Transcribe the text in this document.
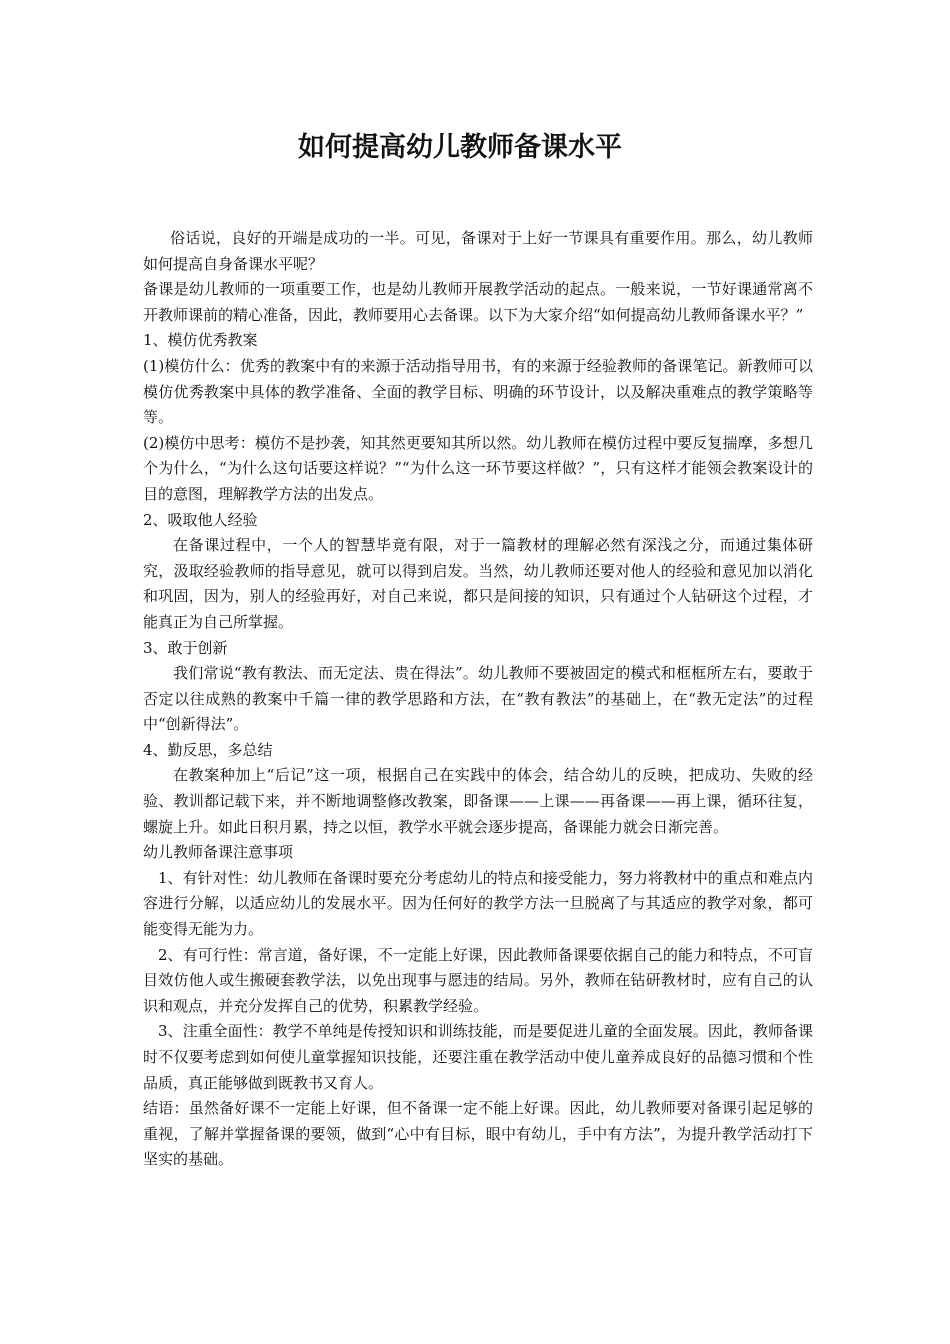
如何提高幼儿教师备课水平

俗话说，良好的开端是成功的一半。可见，备课对于上好一节课具有重要作用。那么，幼儿教师如何提高自身备课水平呢？

备课是幼儿教师的一项重要工作，也是幼儿教师开展教学活动的起点。一般来说，一节好课通常离不开教师课前的精心准备，因此，教师要用心去备课。以下为大家介绍“如何提高幼儿教师备课水平？”

1、模仿优秀教案

(1)模仿什么：优秀的教案中有的来源于活动指导用书，有的来源于经验教师的备课笔记。新教师可以模仿优秀教案中具体的教学准备、全面的教学目标、明确的环节设计，以及解决重难点的教学策略等等。

(2)模仿中思考：模仿不是抄袭，知其然更要知其所以然。幼儿教师在模仿过程中要反复揣摩，多想几个为什么，“为什么这句话要这样说？”“为什么这一环节要这样做？”，只有这样才能领会教案设计的目的意图，理解教学方法的出发点。

2、吸取他人经验

在备课过程中，一个人的智慧毕竟有限，对于一篇教材的理解必然有深浅之分，而通过集体研究，汲取经验教师的指导意见，就可以得到启发。当然，幼儿教师还要对他人的经验和意见加以消化和巩固，因为，别人的经验再好，对自己来说，都只是间接的知识，只有通过个人钻研这个过程，才能真正为自己所掌握。

3、敢于创新

我们常说“教有教法、而无定法、贵在得法”。幼儿教师不要被固定的模式和框框所左右，要敢于否定以往成熟的教案中千篇一律的教学思路和方法，在“教有教法”的基础上，在“教无定法”的过程中“创新得法”。

4、勤反思，多总结

在教案种加上“后记”这一项，根据自己在实践中的体会，结合幼儿的反映，把成功、失败的经验、教训都记载下来，并不断地调整修改教案，即备课——上课——再备课——再上课，循环往复，螺旋上升。如此日积月累，持之以恒，教学水平就会逐步提高，备课能力就会日渐完善。

幼儿教师备课注意事项

1、有针对性：幼儿教师在备课时要充分考虑幼儿的特点和接受能力，努力将教材中的重点和难点内容进行分解，以适应幼儿的发展水平。因为任何好的教学方法一旦脱离了与其适应的教学对象，都可能变得无能为力。

2、有可行性：常言道，备好课，不一定能上好课，因此教师备课要依据自己的能力和特点，不可盲目效仿他人或生搬硬套教学法，以免出现事与愿违的结局。另外，教师在钻研教材时，应有自己的认识和观点，并充分发挥自己的优势，积累教学经验。

3、注重全面性：教学不单纯是传授知识和训练技能，而是要促进儿童的全面发展。因此，教师备课时不仅要考虑到如何使儿童掌握知识技能，还要注重在教学活动中使儿童养成良好的品德习惯和个性品质，真正能够做到既教书又育人。

结语：虽然备好课不一定能上好课，但不备课一定不能上好课。因此，幼儿教师要对备课引起足够的重视，了解并掌握备课的要领，做到“心中有目标，眼中有幼儿，手中有方法”，为提升教学活动打下坚实的基础。
